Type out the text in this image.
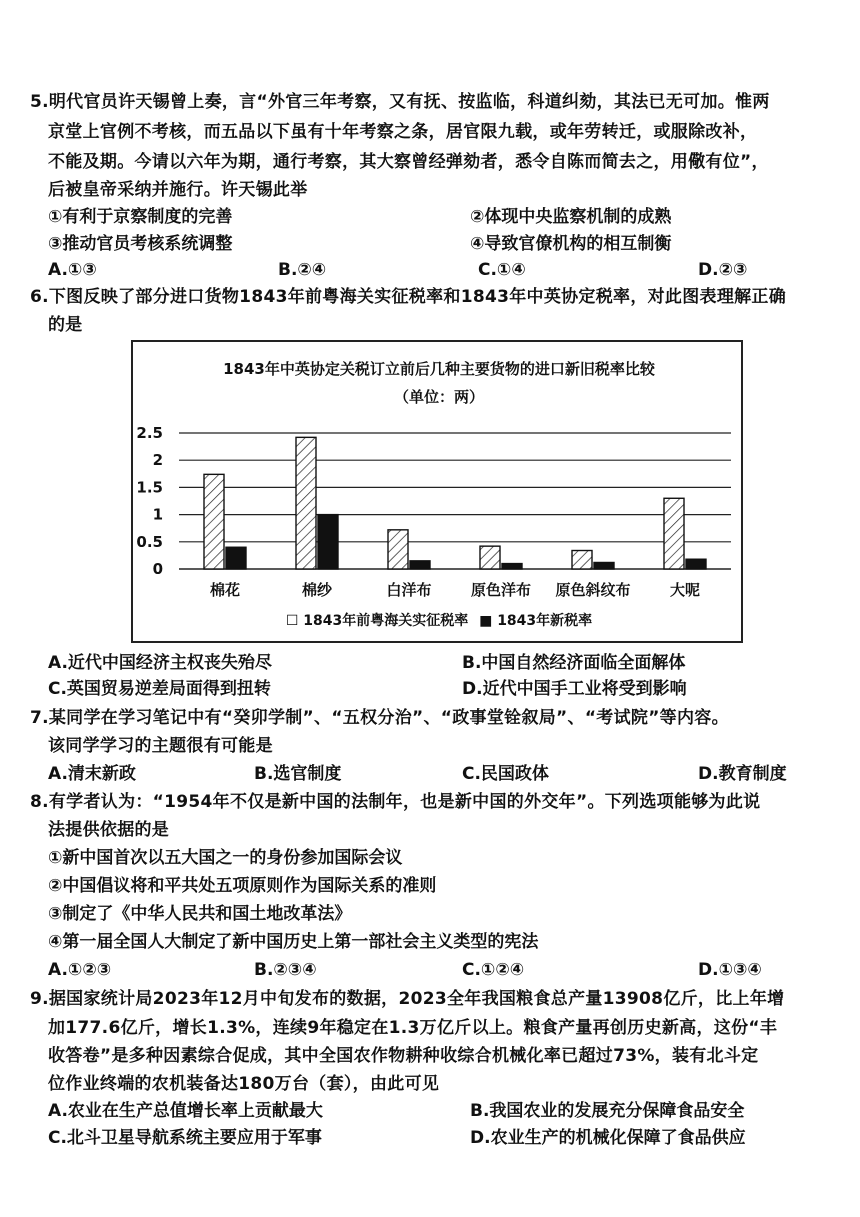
5.明代官员许天锡曾上奏，言“外官三年考察，又有抚、按监临，科道纠劾，其法已无可加。惟两
京堂上官例不考核，而五品以下虽有十年考察之条，居官限九载，或年劳转迁，或服除改补，
不能及期。今请以六年为期，通行考察，其大察曾经弹劾者，悉令自陈而简去之，用儆有位”，
后被皇帝采纳并施行。许天锡此举
①有利于京察制度的完善	②体现中央监察机制的成熟
③推动官员考核系统调整	④导致官僚机构的相互制衡
A.①③	B.②④	C.①④	D.②③
6.下图反映了部分进口货物1843年前粤海关实征税率和1843年中英协定税率，对此图表理解正确
的是
1843年中英协定关税订立前后几种主要货物的进口新旧税率比较
（单位：两）
0
0.5
1
1.5
2
2.5
棉花	棉纱	白洋布	原色洋布 原色斜纹布	大呢
☐ 1843年前粤海关实征税率 ■ 1843年新税率
A.近代中国经济主权丧失殆尽	B.中国自然经济面临全面解体
C.英国贸易逆差局面得到扭转	D.近代中国手工业将受到影响
7.某同学在学习笔记中有“癸卯学制”、“五权分治”、“政事堂铨叙局”、“考试院”等内容。
该同学学习的主题很有可能是
A.清末新政	B.选官制度	C.民国政体	D.教育制度
8.有学者认为：“1954年不仅是新中国的法制年，也是新中国的外交年”。下列选项能够为此说
法提供依据的是
①新中国首次以五大国之一的身份参加国际会议
②中国倡议将和平共处五项原则作为国际关系的准则
③制定了《中华人民共和国土地改革法》
④第一届全国人大制定了新中国历史上第一部社会主义类型的宪法
A.①②③	B.②③④	C.①②④	D.①③④
9.据国家统计局2023年12月中旬发布的数据，2023全年我国粮食总产量13908亿斤，比上年增
加177.6亿斤，增长1.3%，连续9年稳定在1.3万亿斤以上。粮食产量再创历史新高，这份“丰
收答卷”是多种因素综合促成，其中全国农作物耕种收综合机械化率已超过73%，装有北斗定
位作业终端的农机装备达180万台（套），由此可见
A.农业在生产总值增长率上贡献最大	B.我国农业的发展充分保障食品安全
C.北斗卫星导航系统主要应用于军事	D.农业生产的机械化保障了食品供应
